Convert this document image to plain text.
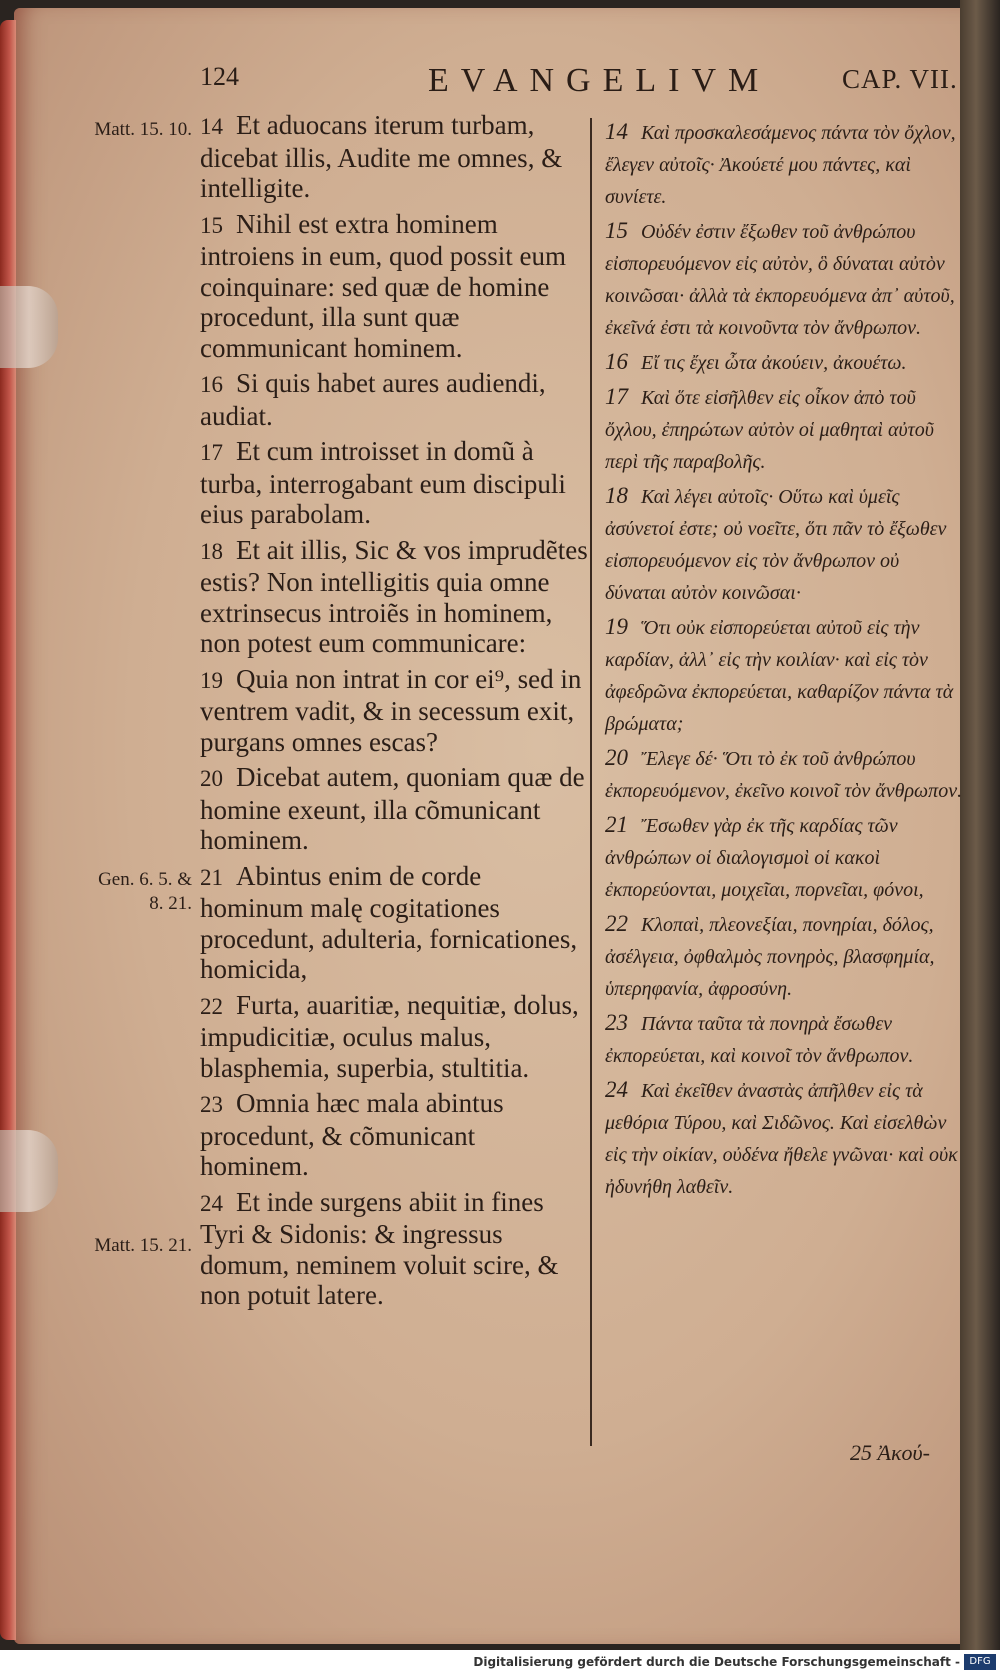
124	EVANGELIVM	CAP. VII.
Matt. 15. 10.
Gen. 6. 5. & 8. 21.
Matt. 15. 21.

14 Et aduocans iterum turbam, dicebat illis, Audite me omnes, & intelligite.

15 Nihil est extra hominem introiens in eum, quod possit eum coinquinare: sed quæ de homine procedunt, illa sunt quæ communicant hominem.

16 Si quis habet aures audiendi, audiat.

17 Et cum introisset in domũ à turba, interrogabant eum discipuli eius parabolam.

18 Et ait illis, Sic & vos imprudẽtes estis? Non intelligitis quia omne extrinsecus introiẽs in hominem, non potest eum communicare:

19 Quia non intrat in cor ei⁹, sed in ventrem vadit, & in secessum exit, purgans omnes escas?

20 Dicebat autem, quoniam quæ de homine exeunt, illa cõmunicant hominem.

21 Abintus enim de corde hominum malę cogitationes procedunt, adulteria, fornicationes, homicida,

22 Furta, auaritiæ, nequitiæ, dolus, impudicitiæ, oculus malus, blasphemia, superbia, stultitia.

23 Omnia hæc mala abintus procedunt, & cõmunicant hominem.

24 Et inde surgens abiit in fines Tyri & Sidonis: & ingressus domum, neminem voluit scire, & non potuit latere.

14 Καὶ προσκαλεσάμενος πάντα τὸν ὄχλον, ἔλεγεν αὐτοῖς· Ἀκούετέ μου πάντες, καὶ συνίετε.

15 Οὐδέν ἐστιν ἔξωθεν τοῦ ἀνθρώπου εἰσπορευόμενον εἰς αὐτὸν, ὃ δύναται αὐτὸν κοινῶσαι· ἀλλὰ τὰ ἐκπορευόμενα ἀπ᾽ αὐτοῦ, ἐκεῖνά ἐστι τὰ κοινοῦντα τὸν ἄνθρωπον.

16 Εἴ τις ἔχει ὦτα ἀκούειν, ἀκουέτω.

17 Καὶ ὅτε εἰσῆλθεν εἰς οἶκον ἀπὸ τοῦ ὄχλου, ἐπηρώτων αὐτὸν οἱ μαθηταὶ αὐτοῦ περὶ τῆς παραβολῆς.

18 Καὶ λέγει αὐτοῖς· Οὕτω καὶ ὑμεῖς ἀσύνετοί ἐστε; οὐ νοεῖτε, ὅτι πᾶν τὸ ἔξωθεν εἰσπορευόμενον εἰς τὸν ἄνθρωπον οὐ δύναται αὐτὸν κοινῶσαι·

19 Ὅτι οὐκ εἰσπορεύεται αὐτοῦ εἰς τὴν καρδίαν, ἀλλ᾽ εἰς τὴν κοιλίαν· καὶ εἰς τὸν ἀφεδρῶνα ἐκπορεύεται, καθαρίζον πάντα τὰ βρώματα;

20 Ἔλεγε δέ· Ὅτι τὸ ἐκ τοῦ ἀνθρώπου ἐκπορευόμενον, ἐκεῖνο κοινοῖ τὸν ἄνθρωπον.

21 Ἔσωθεν γὰρ ἐκ τῆς καρδίας τῶν ἀνθρώπων οἱ διαλογισμοὶ οἱ κακοὶ ἐκπορεύονται, μοιχεῖαι, πορνεῖαι, φόνοι,

22 Κλοπαὶ, πλεονεξίαι, πονηρίαι, δόλος, ἀσέλγεια, ὀφθαλμὸς πονηρὸς, βλασφημία, ὑπερηφανία, ἀφροσύνη.

23 Πάντα ταῦτα τὰ πονηρὰ ἔσωθεν ἐκπορεύεται, καὶ κοινοῖ τὸν ἄνθρωπον.

24 Καὶ ἐκεῖθεν ἀναστὰς ἀπῆλθεν εἰς τὰ μεθόρια Τύρου, καὶ Σιδῶνος. Καὶ εἰσελθὼν εἰς τὴν οἰκίαν, οὐδένα ἤθελε γνῶναι· καὶ οὐκ ἠδυνήθη λαθεῖν.

25 Ἀκού-
Digitalisierung gefördert durch die Deutsche Forschungsgemeinschaft - DFG
